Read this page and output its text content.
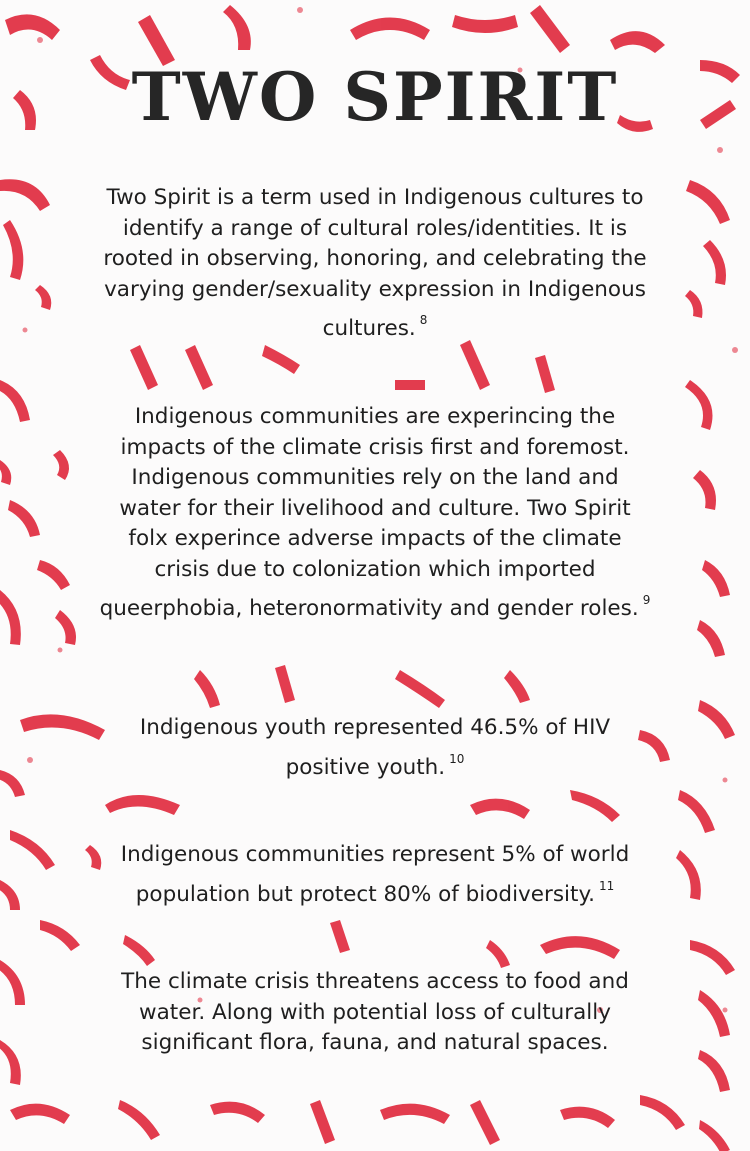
TWO SPIRIT

Two Spirit is a term used in Indigenous cultures to
identify a range of cultural roles/identities. It is
rooted in observing, honoring, and celebrating the
varying gender/sexuality expression in Indigenous
cultures. $^8$

Indigenous communities are experincing the
impacts of the climate crisis first and foremost.
Indigenous communities rely on the land and
water for their livelihood and culture. Two Spirit
folx experince adverse impacts of the climate
crisis due to colonization which imported
queerphobia, heteronormativity and gender roles. $^9$

Indigenous youth represented 46.5% of HIV
positive youth. $^{10}$

Indigenous communities represent 5% of world
population but protect 80% of biodiversity. $^{11}$

The climate crisis threatens access to food and
water. Along with potential loss of culturally
significant flora, fauna, and natural spaces.
